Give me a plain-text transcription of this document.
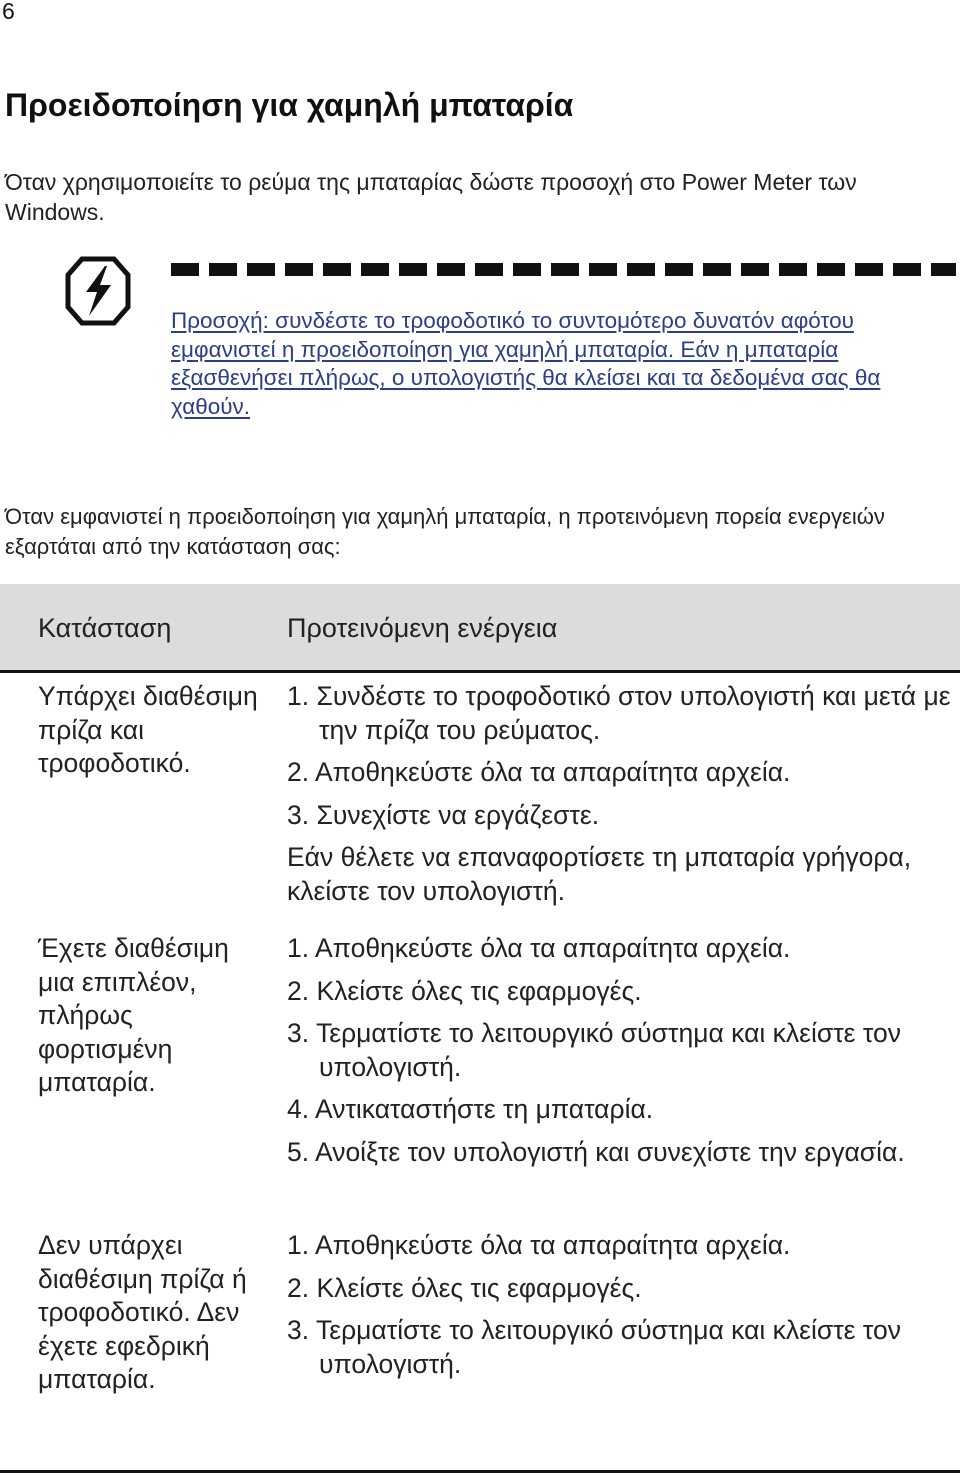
6
Προειδοποίηση για χαμηλή μπαταρία

Όταν χρησιμοποιείτε το ρεύμα της μπαταρίας δώστε προσοχή στο Power Meter των Windows.

Προσοχή: συνδέστε το τροφοδοτικό το συντομότερο δυνατόν αφότου εμφανιστεί η προειδοποίηση για χαμηλή μπαταρία. Εάν η μπαταρία εξασθενήσει πλήρως, ο υπολογιστής θα κλείσει και τα δεδομένα σας θα χαθούν.

Όταν εμφανιστεί η προειδοποίηση για χαμηλή μπαταρία, η προτεινόμενη πορεία ενεργειών εξαρτάται από την κατάσταση σας:

Κατάσταση	Προτεινόμενη ενέργεια
Υπάρχει διαθέσιμη πρίζα και τροφοδοτικό.

1. Συνδέστε το τροφοδοτικό στον υπολογιστή και μετά με την πρίζα του ρεύματος.

2. Αποθηκεύστε όλα τα απαραίτητα αρχεία.

3. Συνεχίστε να εργάζεστε.

Εάν θέλετε να επαναφορτίσετε τη μπαταρία γρήγορα, κλείστε τον υπολογιστή.

Έχετε διαθέσιμη μια επιπλέον, πλήρως φορτισμένη μπαταρία.

1. Αποθηκεύστε όλα τα απαραίτητα αρχεία.

2. Κλείστε όλες τις εφαρμογές.

3. Τερματίστε το λειτουργικό σύστημα και κλείστε τον υπολογιστή.

4. Αντικαταστήστε τη μπαταρία.

5. Ανοίξτε τον υπολογιστή και συνεχίστε την εργασία.

Δεν υπάρχει διαθέσιμη πρίζα ή τροφοδοτικό. Δεν έχετε εφεδρική μπαταρία.

1. Αποθηκεύστε όλα τα απαραίτητα αρχεία.

2. Κλείστε όλες τις εφαρμογές.

3. Τερματίστε το λειτουργικό σύστημα και κλείστε τον υπολογιστή.
